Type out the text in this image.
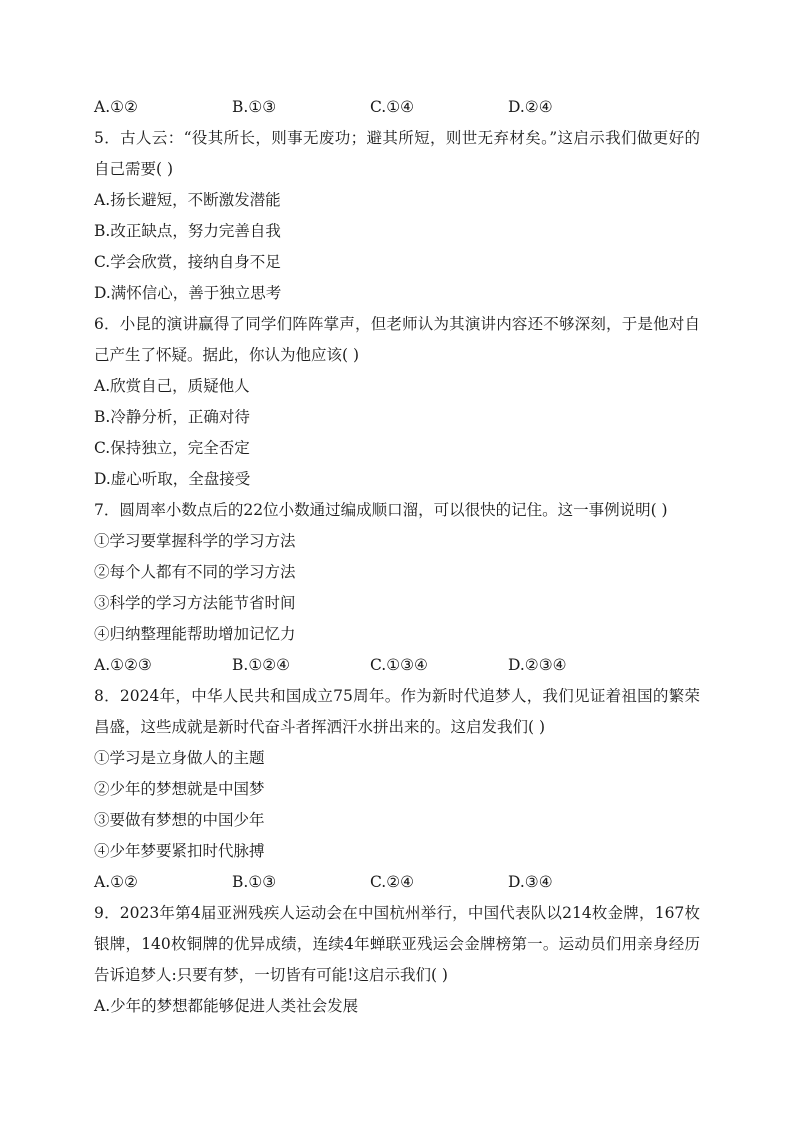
A.①②	B.①③	C.①④	D.②④
5．古人云：“役其所长，则事无废功；避其所短，则世无弃材矣。”这启示我们做更好的自己需要( )
A.扬长避短，不断激发潜能
B.改正缺点，努力完善自我
C.学会欣赏，接纳自身不足
D.满怀信心，善于独立思考
6．小昆的演讲赢得了同学们阵阵掌声，但老师认为其演讲内容还不够深刻，于是他对自己产生了怀疑。据此，你认为他应该( )
A.欣赏自己，质疑他人
B.冷静分析，正确对待
C.保持独立，完全否定
D.虚心听取，全盘接受
7．圆周率小数点后的22位小数通过编成顺口溜，可以很快的记住。这一事例说明( )
①学习要掌握科学的学习方法
②每个人都有不同的学习方法
③科学的学习方法能节省时间
④归纳整理能帮助增加记忆力
A.①②③	B.①②④	C.①③④	D.②③④
8．2024年，中华人民共和国成立75周年。作为新时代追梦人，我们见证着祖国的繁荣昌盛，这些成就是新时代奋斗者挥洒汗水拼出来的。这启发我们( )
①学习是立身做人的主题
②少年的梦想就是中国梦
③要做有梦想的中国少年
④少年梦要紧扣时代脉搏
A.①②	B.①③	C.②④	D.③④
9．2023年第4届亚洲残疾人运动会在中国杭州举行，中国代表队以214枚金牌，167枚银牌，140枚铜牌的优异成绩，连续4年蝉联亚残运会金牌榜第一。运动员们用亲身经历告诉追梦人:只要有梦，一切皆有可能!这启示我们( )
A.少年的梦想都能够促进人类社会发展
